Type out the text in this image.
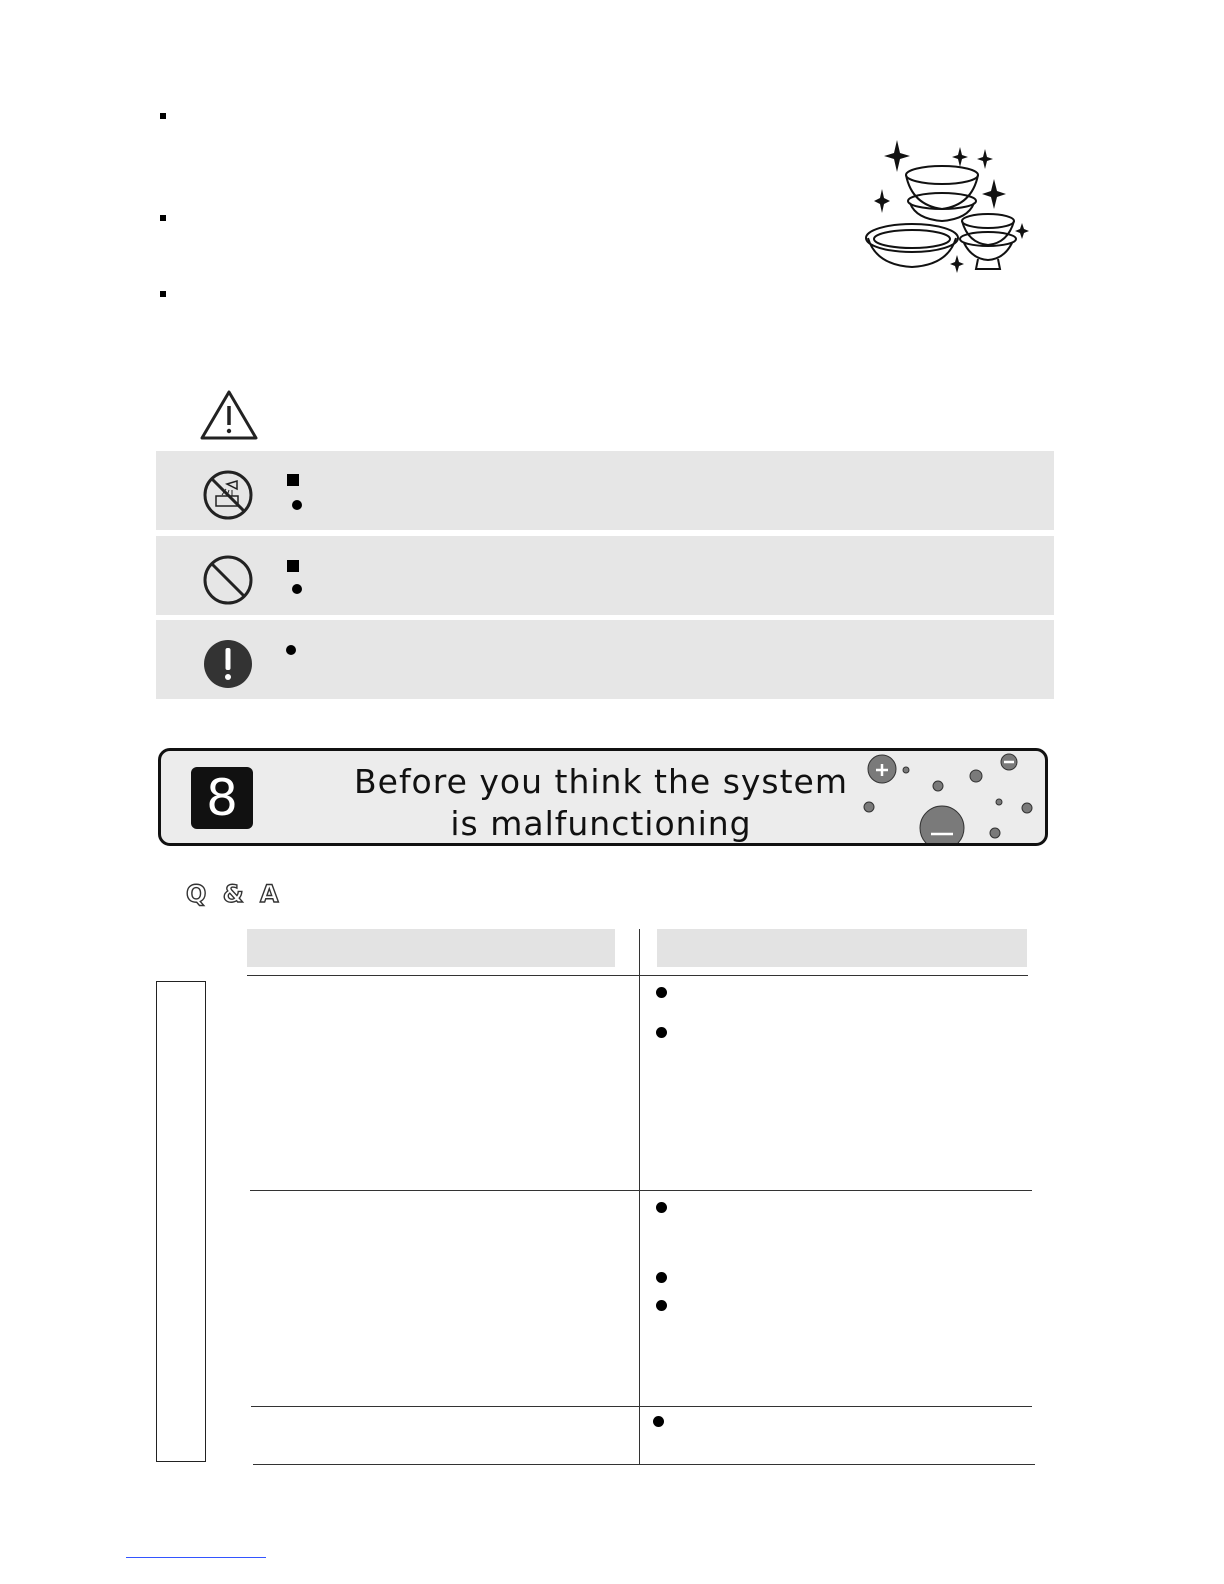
8	Before you think the system
is malfunctioning
Q & A
